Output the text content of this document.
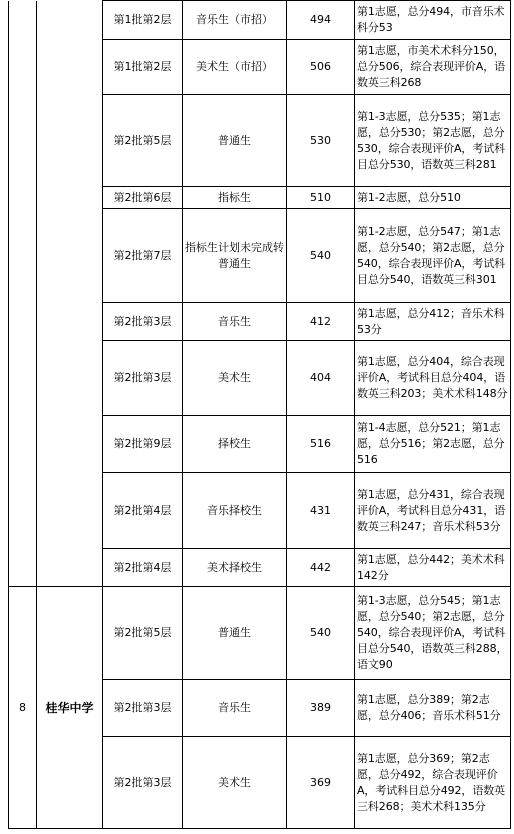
		第1批第2层	音乐生（市招）	494	第1志愿，总分494，市音乐术科分53
		第1批第2层	美术生（市招）	506	第1志愿，市美术术科分150，总分506，综合表现评价A，语数英三科268
		第2批第5层	普通生	530	第1-3志愿，总分535；第1志愿，总分530；第2志愿，总分530，综合表现评价A，考试科目总分530，语数英三科281
		第2批第6层	指标生	510	第1-2志愿，总分510
		第2批第7层	指标生计划未完成转普通生	540	第1-2志愿，总分547；第1志愿，总分540；第2志愿，总分540，综合表现评价A，考试科目总分540，语数英三科301
		第2批第3层	音乐生	412	第1志愿，总分412；音乐术科53分
		第2批第3层	美术生	404	第1志愿，总分404，综合表现评价A，考试科目总分404，语数英三科203；美术术科148分
		第2批第9层	择校生	516	第1-4志愿，总分521；第1志愿，总分516；第2志愿，总分516
		第2批第4层	音乐择校生	431	第1志愿，总分431，综合表现评价A，考试科目总分431，语数英三科247；音乐术科53分
		第2批第4层	美术择校生	442	第1志愿，总分442；美术术科142分
8	桂华中学	第2批第5层	普通生	540	第1-3志愿，总分545；第1志愿，总分540；第2志愿，总分540，综合表现评价A，考试科目总分540，语数英三科288，语文90
		第2批第3层	音乐生	389	第1志愿，总分389；第2志愿，总分406；音乐术科51分
		第2批第3层	美术生	369	第1志愿，总分369；第2志愿，总分492，综合表现评价A，考试科目总分492，语数英三科268；美术术科135分
